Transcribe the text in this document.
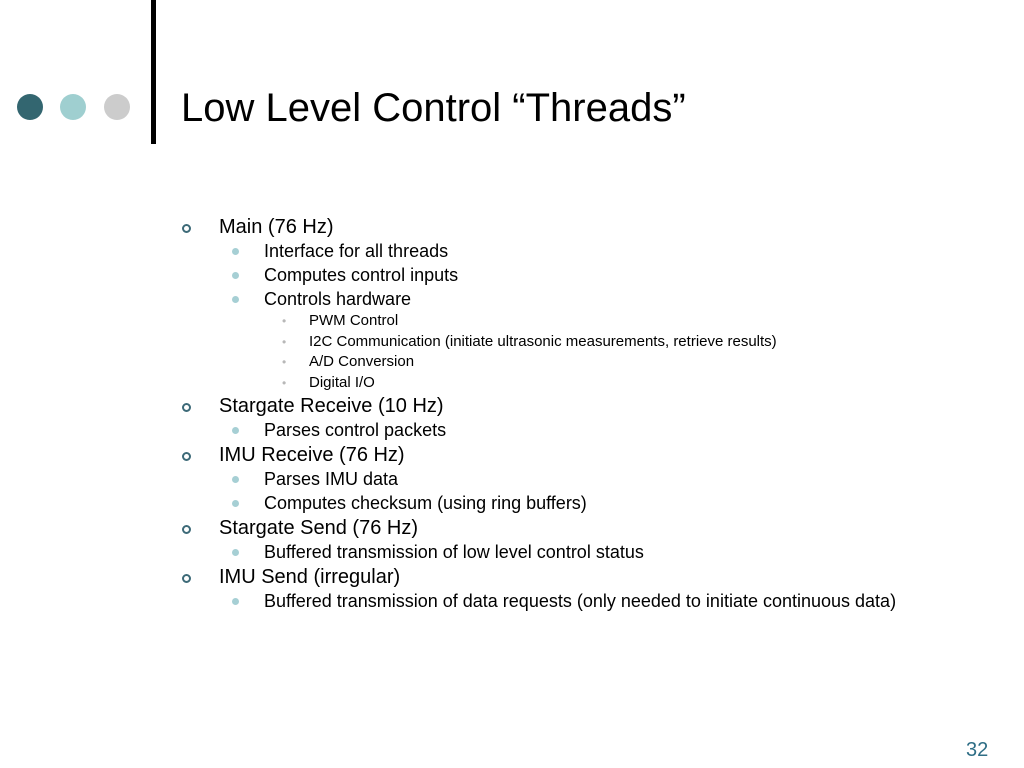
Low Level Control “Threads”
Main (76 Hz)
Interface for all threads
Computes control inputs
Controls hardware
• PWM Control
• I2C Communication (initiate ultrasonic measurements, retrieve results)
• A/D Conversion
• Digital I/O
Stargate Receive (10 Hz)
Parses control packets
IMU Receive (76 Hz)
Parses IMU data
Computes checksum (using ring buffers)
Stargate Send (76 Hz)
Buffered transmission of low level control status
IMU Send (irregular)
Buffered transmission of data requests (only needed to initiate continuous data)
32
